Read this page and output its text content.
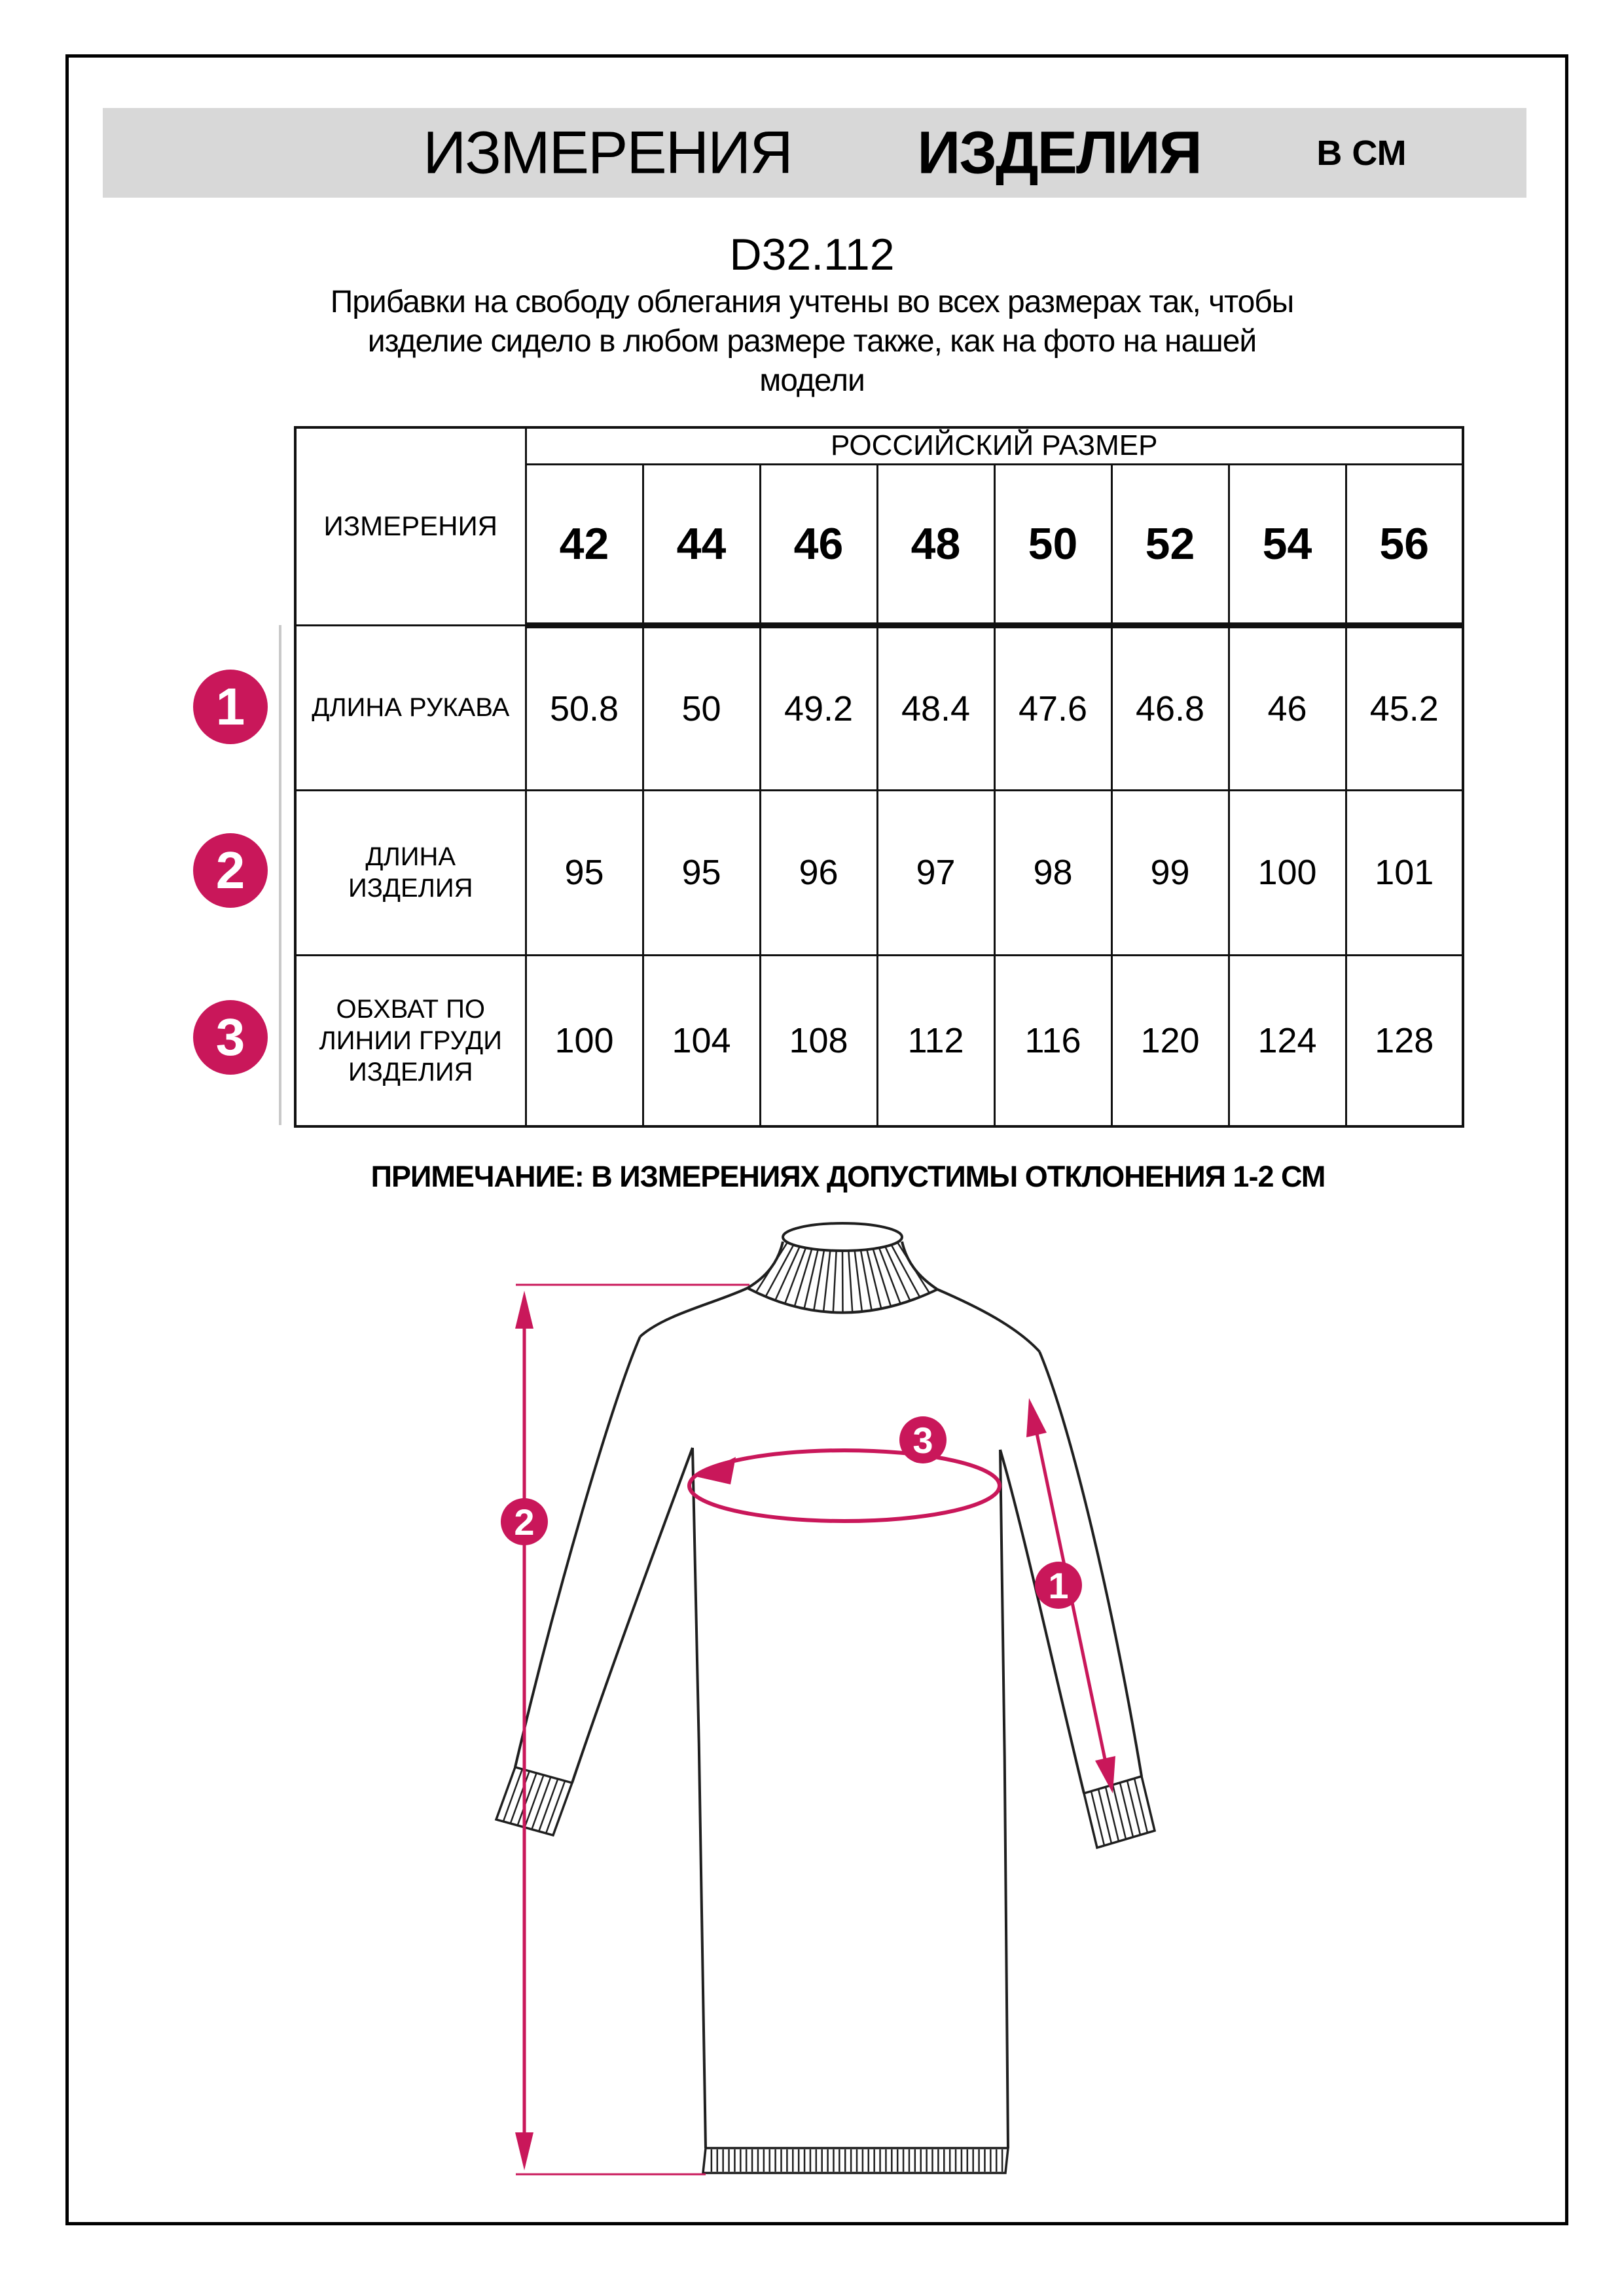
ИЗМЕРЕНИЯ ИЗДЕЛИЯ	В СМ
D32.112
Прибавки на свободу облегания учтены во всех размерах так, чтобы
изделие сидело в любом размере также, как на фото на нашей
модели
ИЗМЕРЕНИЯ	РОССИЙСКИЙ РАЗМЕР							
	42	44	46	48	50	52	54	56

ДЛИНА РУКАВА	50.8	50	49.2	48.4	47.6	46.8	46	45.2

ДЛИНА
ИЗДЕЛИЯ	95	95	96	97	98	99	100	101

ОБХВАТ ПО
ЛИНИИ ГРУДИ
ИЗДЕЛИЯ	100	104	108	112	116	120	124	128
1
2
3
ПРИМЕЧАНИЕ: В ИЗМЕРЕНИЯХ ДОПУСТИМЫ ОТКЛОНЕНИЯ 1-2 СМ
2
3
1
